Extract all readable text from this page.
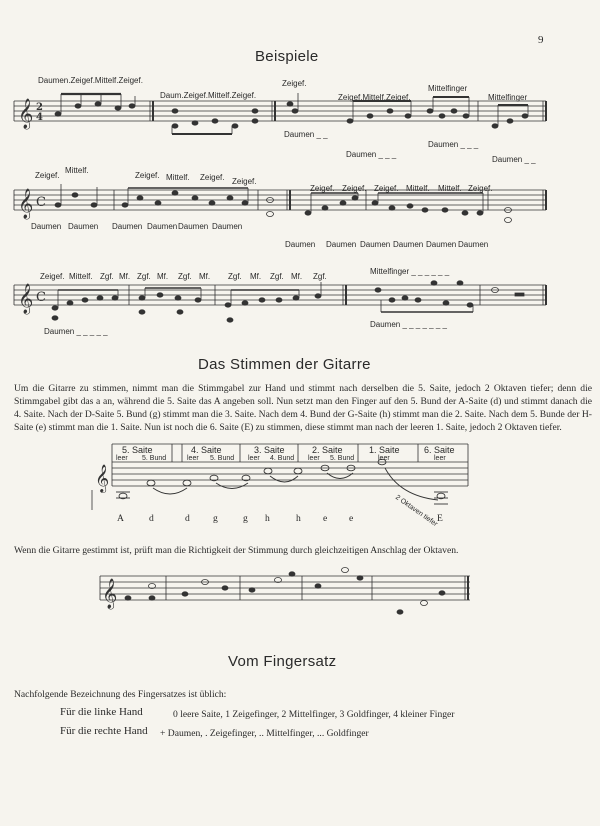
9
Beispiele
Daumen.Zeigef.Mittelf.Zeigef.
Daum.Zeigef.Mittelf.Zeigef.
Zeigef.
Zeigef.Mittelf.Zeigef.
Mittelfinger
Mittelfinger
Daumen _ _
Daumen _ _ _
Daumen _ _ _
Daumen _ _
𝄞 2
4
Zeigef.
Mittelf.
Zeigef. Mittelf. Zeigef. Zeigef.
Zeigef. Zeigef. Zeigef. Mittelf. Mittelf. Zeigef.
Daumen Daumen Daumen Daumen Daumen Daumen
Daumen Daumen Daumen Daumen Daumen Daumen
𝄞 C
Zeigef. Mittelf. Zgf. Mf. Zgf. Mf. Zgf. Mf. Zgf. Mf. Zgf. Mf. Zgf.
Mittelfinger _ _ _ _ _ _
Daumen _ _ _ _ _
Daumen _ _ _ _ _ _ _
𝄞 C
Das Stimmen der Gitarre
Um die Gitarre zu stimmen, nimmt man die Stimmgabel zur Hand und stimmt nach derselben die 5. Saite, jedoch 2 Oktaven tiefer; denn die Stimmgabel gibt das a an, während die 5. Saite das A angeben soll. Nun setzt man den Finger auf den 5. Bund der A-Saite (d) und stimmt danach die 4. Saite. Nach der D-Saite 5. Bund (g) stimmt man die 3. Saite. Nach dem 4. Bund der G-Saite (h) stimmt man die 2. Saite. Nach dem 5. Bunde der H-Saite (e) stimmt man die 1. Saite. Nun ist noch die 6. Saite (E) zu stimmen, diese stimmt man nach der leeren 1. Saite, jedoch 2 Oktaven tiefer.
𝄞
5. Saite	4. Saite	3. Saite	2. Saite	1. Saite	6. Saite
leer 5. Bund	leer 5. Bund leer 4. Bund leer 5. Bund	leer	leer
A	d	d g	g h	h e e	E
2 Oktaven tiefer
Wenn die Gitarre gestimmt ist, prüft man die Richtigkeit der Stimmung durch gleichzeitigen Anschlag der Oktaven.
𝄞
Vom Fingersatz
Nachfolgende Bezeichnung des Fingersatzes ist üblich:
Für die linke Hand	0 leere Saite, 1 Zeigefinger, 2 Mittelfinger, 3 Goldfinger, 4 kleiner Finger
Für die rechte Hand + Daumen, . Zeigefinger, .. Mittelfinger, ... Goldfinger
